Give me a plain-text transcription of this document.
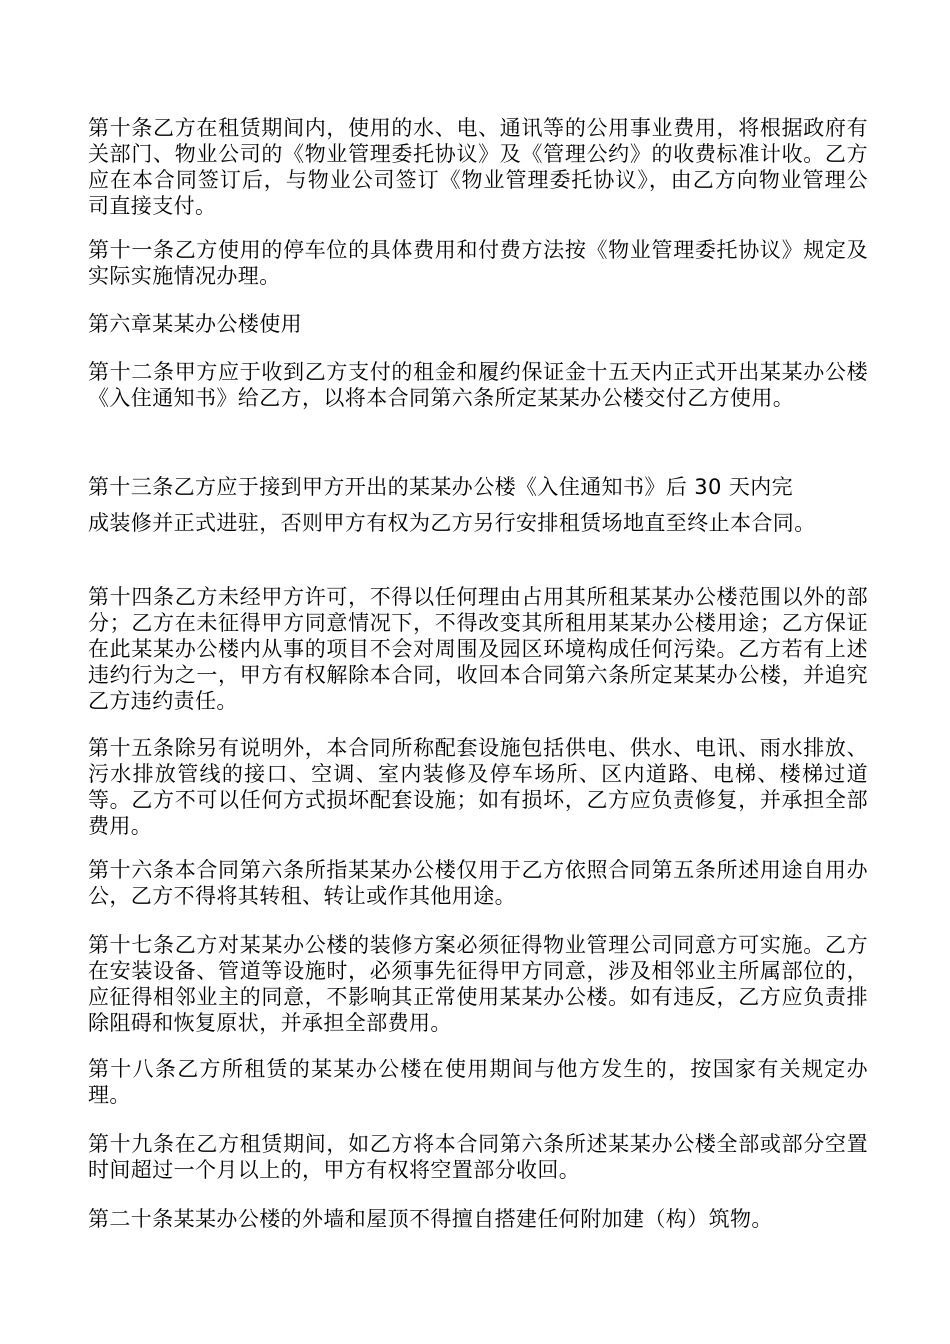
第十条乙方在租赁期间内，使用的水、电、通讯等的公用事业费用，将根据政府有关部门、物业公司的《物业管理委托协议》及《管理公约》的收费标准计收。乙方应在本合同签订后，与物业公司签订《物业管理委托协议》，由乙方向物业管理公司直接支付。

第十一条乙方使用的停车位的具体费用和付费方法按《物业管理委托协议》规定及实际实施情况办理。

第六章某某办公楼使用

第十二条甲方应于收到乙方支付的租金和履约保证金十五天内正式开出某某办公楼《入住通知书》给乙方，以将本合同第六条所定某某办公楼交付乙方使用。

第十三条乙方应于接到甲方开出的某某办公楼《入住通知书》后 30 天内完

成装修并正式进驻，否则甲方有权为乙方另行安排租赁场地直至终止本合同。

第十四条乙方未经甲方许可，不得以任何理由占用其所租某某办公楼范围以外的部分；乙方在未征得甲方同意情况下，不得改变其所租用某某办公楼用途；乙方保证在此某某办公楼内从事的项目不会对周围及园区环境构成任何污染。乙方若有上述违约行为之一，甲方有权解除本合同，收回本合同第六条所定某某办公楼，并追究乙方违约责任。

第十五条除另有说明外，本合同所称配套设施包括供电、供水、电讯、雨水排放、污水排放管线的接口、空调、室内装修及停车场所、区内道路、电梯、楼梯过道等。乙方不可以任何方式损坏配套设施；如有损坏，乙方应负责修复，并承担全部费用。

第十六条本合同第六条所指某某办公楼仅用于乙方依照合同第五条所述用途自用办公，乙方不得将其转租、转让或作其他用途。

第十七条乙方对某某办公楼的装修方案必须征得物业管理公司同意方可实施。乙方在安装设备、管道等设施时，必须事先征得甲方同意，涉及相邻业主所属部位的，应征得相邻业主的同意，不影响其正常使用某某办公楼。如有违反，乙方应负责排除阻碍和恢复原状，并承担全部费用。

第十八条乙方所租赁的某某办公楼在使用期间与他方发生的，按国家有关规定办理。

第十九条在乙方租赁期间，如乙方将本合同第六条所述某某办公楼全部或部分空置时间超过一个月以上的，甲方有权将空置部分收回。

第二十条某某办公楼的外墙和屋顶不得擅自搭建任何附加建（构）筑物。
